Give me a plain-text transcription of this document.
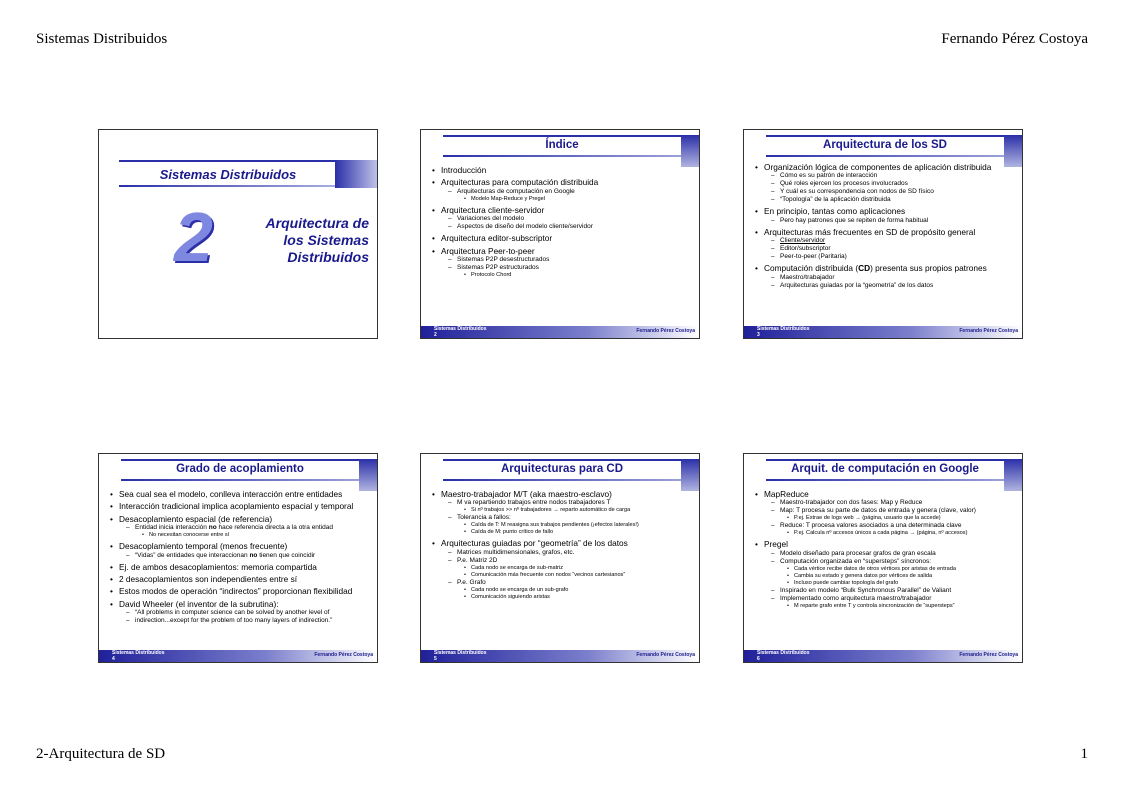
Sistemas Distribuidos	Fernando Pérez Costoya
2-Arquitectura de SD	1
Sistemas Distribuidos
2	Arquitectura de
los Sistemas
Distribuidos
Índice
• Introducción
• Arquitecturas para computación distribuida
– Arquitecturas de computación en Google
• Modelo Map-Reduce y Pregel
• Arquitectura cliente-servidor
– Variaciones del modelo
– Aspectos de diseño del modelo cliente/servidor
• Arquitectura editor-subscriptor
• Arquitectura Peer-to-peer
– Sistemas P2P desestructurados
– Sistemas P2P estructurados
• Protocolo Chord
Sistemas Distribuidos
2
Fernando Pérez Costoya
Arquitectura de los SD
• Organización lógica de componentes de aplicación distribuida
– Cómo es su patrón de interacción
– Qué roles ejercen los procesos involucrados
– Y cuál es su correspondencia con nodos de SD físico
– “Topología” de la aplicación distribuida
• En principio, tantas como aplicaciones
– Pero hay patrones que se repiten de forma habitual
• Arquitecturas más frecuentes en SD de propósito general
– Cliente/servidor
– Editor/subscriptor
– Peer-to-peer (Paritaria)
• Computación distribuida (CD) presenta sus propios patrones
– Maestro/trabajador
– Arquitecturas guiadas por la “geometría” de los datos
Sistemas Distribuidos
3
Fernando Pérez Costoya
Grado de acoplamiento
• Sea cual sea el modelo, conlleva interacción entre entidades
• Interacción tradicional implica acoplamiento espacial y temporal
• Desacoplamiento espacial (de referencia)
– Entidad inicia interacción no hace referencia directa a la otra entidad
• No necesitan conocerse entre sí
• Desacoplamiento temporal (menos frecuente)
– “Vidas” de entidades que interaccionan no tienen que coincidir
• Ej. de ambos desacoplamientos: memoria compartida
• 2 desacoplamientos son independientes entre sí
• Estos modos de operación “indirectos” proporcionan flexibilidad
• David Wheeler (el inventor de la subrutina):
– “All problems in computer science can be solved by another level of
– indirection...except for the problem of too many layers of indirection.”
Sistemas Distribuidos
4
Fernando Pérez Costoya
Arquitecturas para CD
• Maestro-trabajador M/T (aka maestro-esclavo)
– M va repartiendo trabajos entre nodos trabajadores T
• Si nº trabajos >> nº trabajadores → reparto automático de carga
– Tolerancia a fallos:
• Caída de T: M reasigna sus trabajos pendientes (¡efectos laterales!)
• Caída de M: punto crítico de fallo
• Arquitecturas guiadas por “geometría” de los datos
– Matrices multidimensionales, grafos, etc.
– P.e. Matriz 2D
• Cada nodo se encarga de sub-matriz
• Comunicación más frecuente con nodos “vecinos cartesianos”
– P.e. Grafo
• Cada nodo se encarga de un sub-grafo
• Comunicación siguiendo aristas
Sistemas Distribuidos
5
Fernando Pérez Costoya
Arquit. de computación en Google
• MapReduce
– Maestro-trabajador con dos fases: Map y Reduce
– Map: T procesa su parte de datos de entrada y genera (clave, valor)
• P.ej. Extrae de logs web → (página, usuario que la accede)
– Reduce: T procesa valores asociados a una determinada clave
• P.ej. Calcula nº accesos únicos a cada página → (página, nº accesos)
• Pregel
– Modelo diseñado para procesar grafos de gran escala
– Computación organizada en “supersteps” síncronos:
• Cada vértice recibe datos de otros vértices por aristas de entrada
• Cambia su estado y genera datos por vértices de salida
• Incluso puede cambiar topología del grafo
– Inspirado en modelo “Bulk Synchronous Parallel” de Valiant
– Implementado como arquitectura maestro/trabajador
• M reparte grafo entre T y controla sincronización de “supersteps”
Sistemas Distribuidos
6
Fernando Pérez Costoya
